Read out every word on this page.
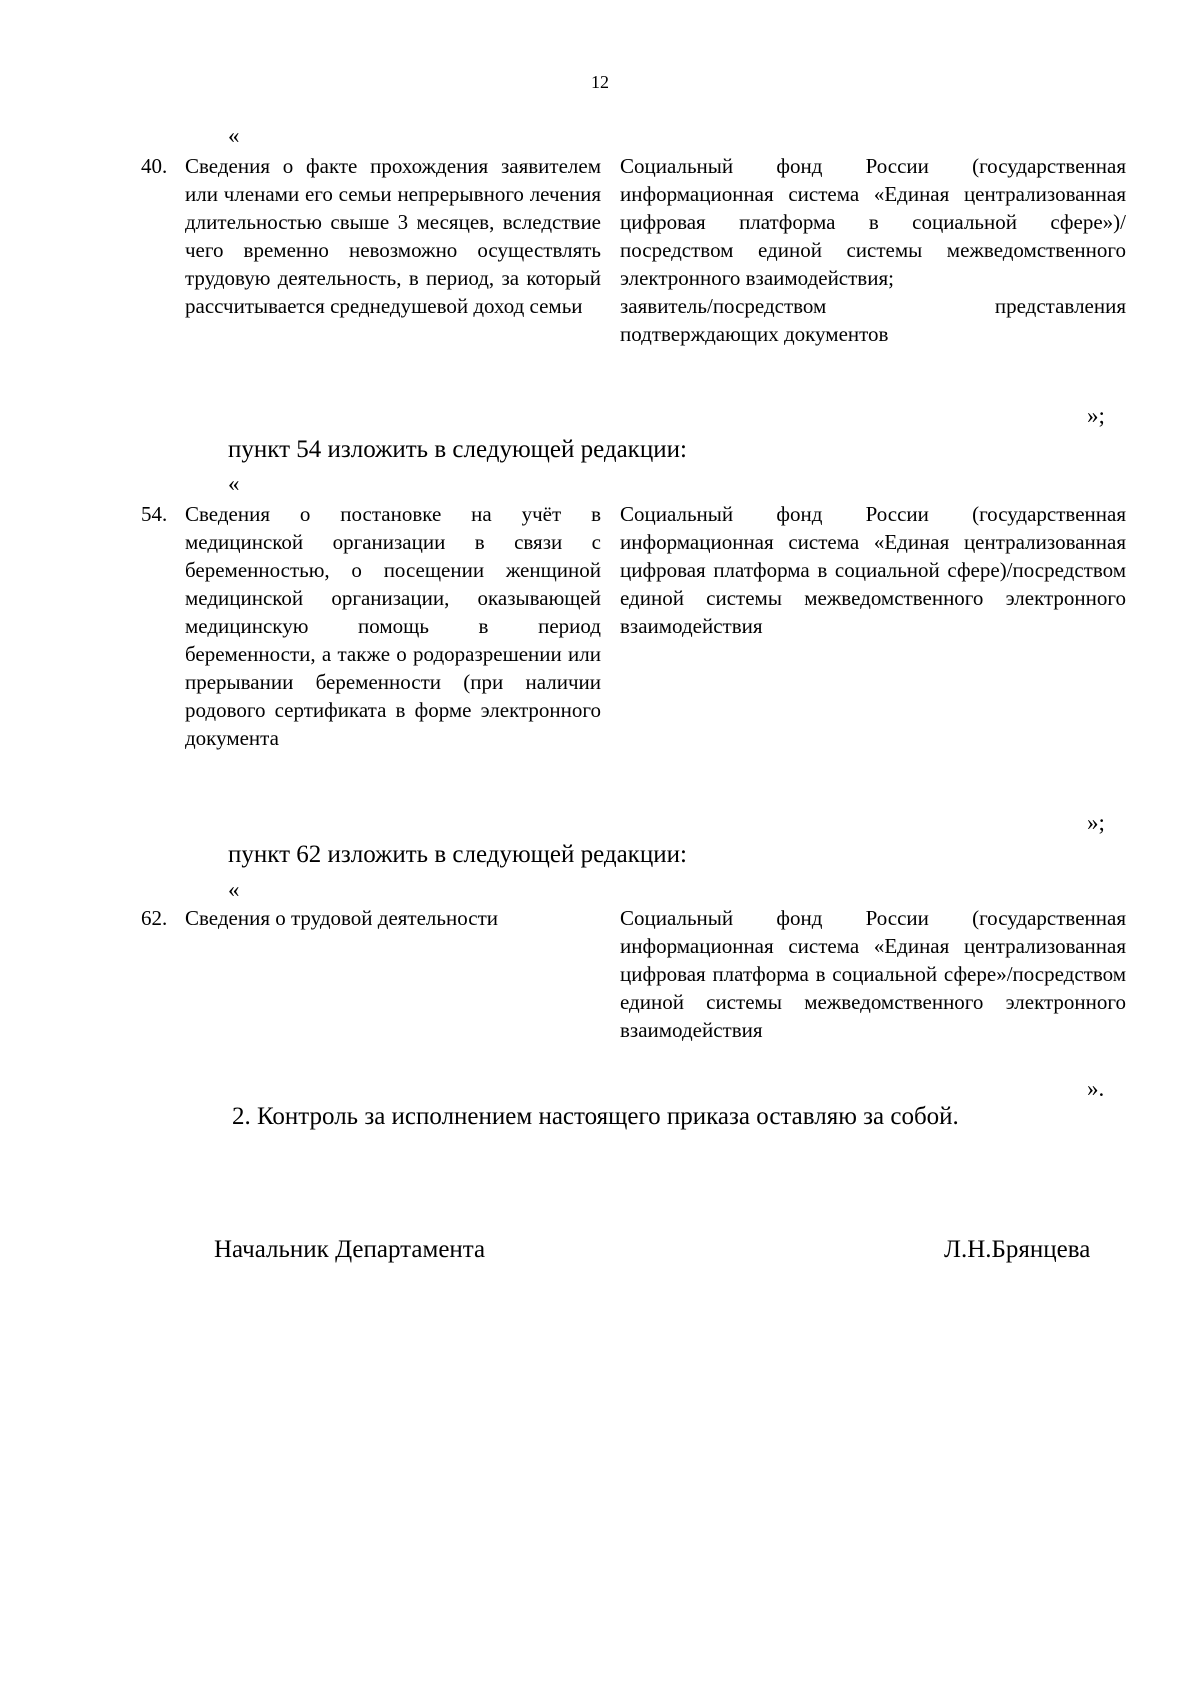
12
«
40. Сведения о факте прохождения заявителем или членами его семьи непрерывного лечения длительностью свыше 3 месяцев, вследствие чего временно невозможно осуществлять трудовую деятельность, в период, за который рассчитывается среднедушевой доход семьи

Социальный фонд России (государственная информационная система «Единая централизованная цифровая платформа в социальной сфере»)/посредством единой системы межведомственного электронного взаимодействия;

заявитель/посредством представления подтверждающих документов

»;
пункт 54 изложить в следующей редакции:
«
54. Сведения о постановке на учёт в медицинской организации в связи с беременностью, о посещении женщиной медицинской организации, оказывающей медицинскую помощь в период беременности, а также о родоразрешении или прерывании беременности (при наличии родового сертификата в форме электронного документа

Социальный фонд России (государственная информационная система «Единая централизованная цифровая платформа в социальной сфере)/посредством единой системы межведомственного электронного взаимодействия

»;
пункт 62 изложить в следующей редакции:
«
62. Сведения о трудовой деятельности	Социальный фонд России (государственная информационная система «Единая централизованная цифровая платформа в социальной сфере»/посредством единой системы межведомственного электронного взаимодействия

».
2. Контроль за исполнением настоящего приказа оставляю за собой.
Начальник Департамента	Л.Н.Брянцева
